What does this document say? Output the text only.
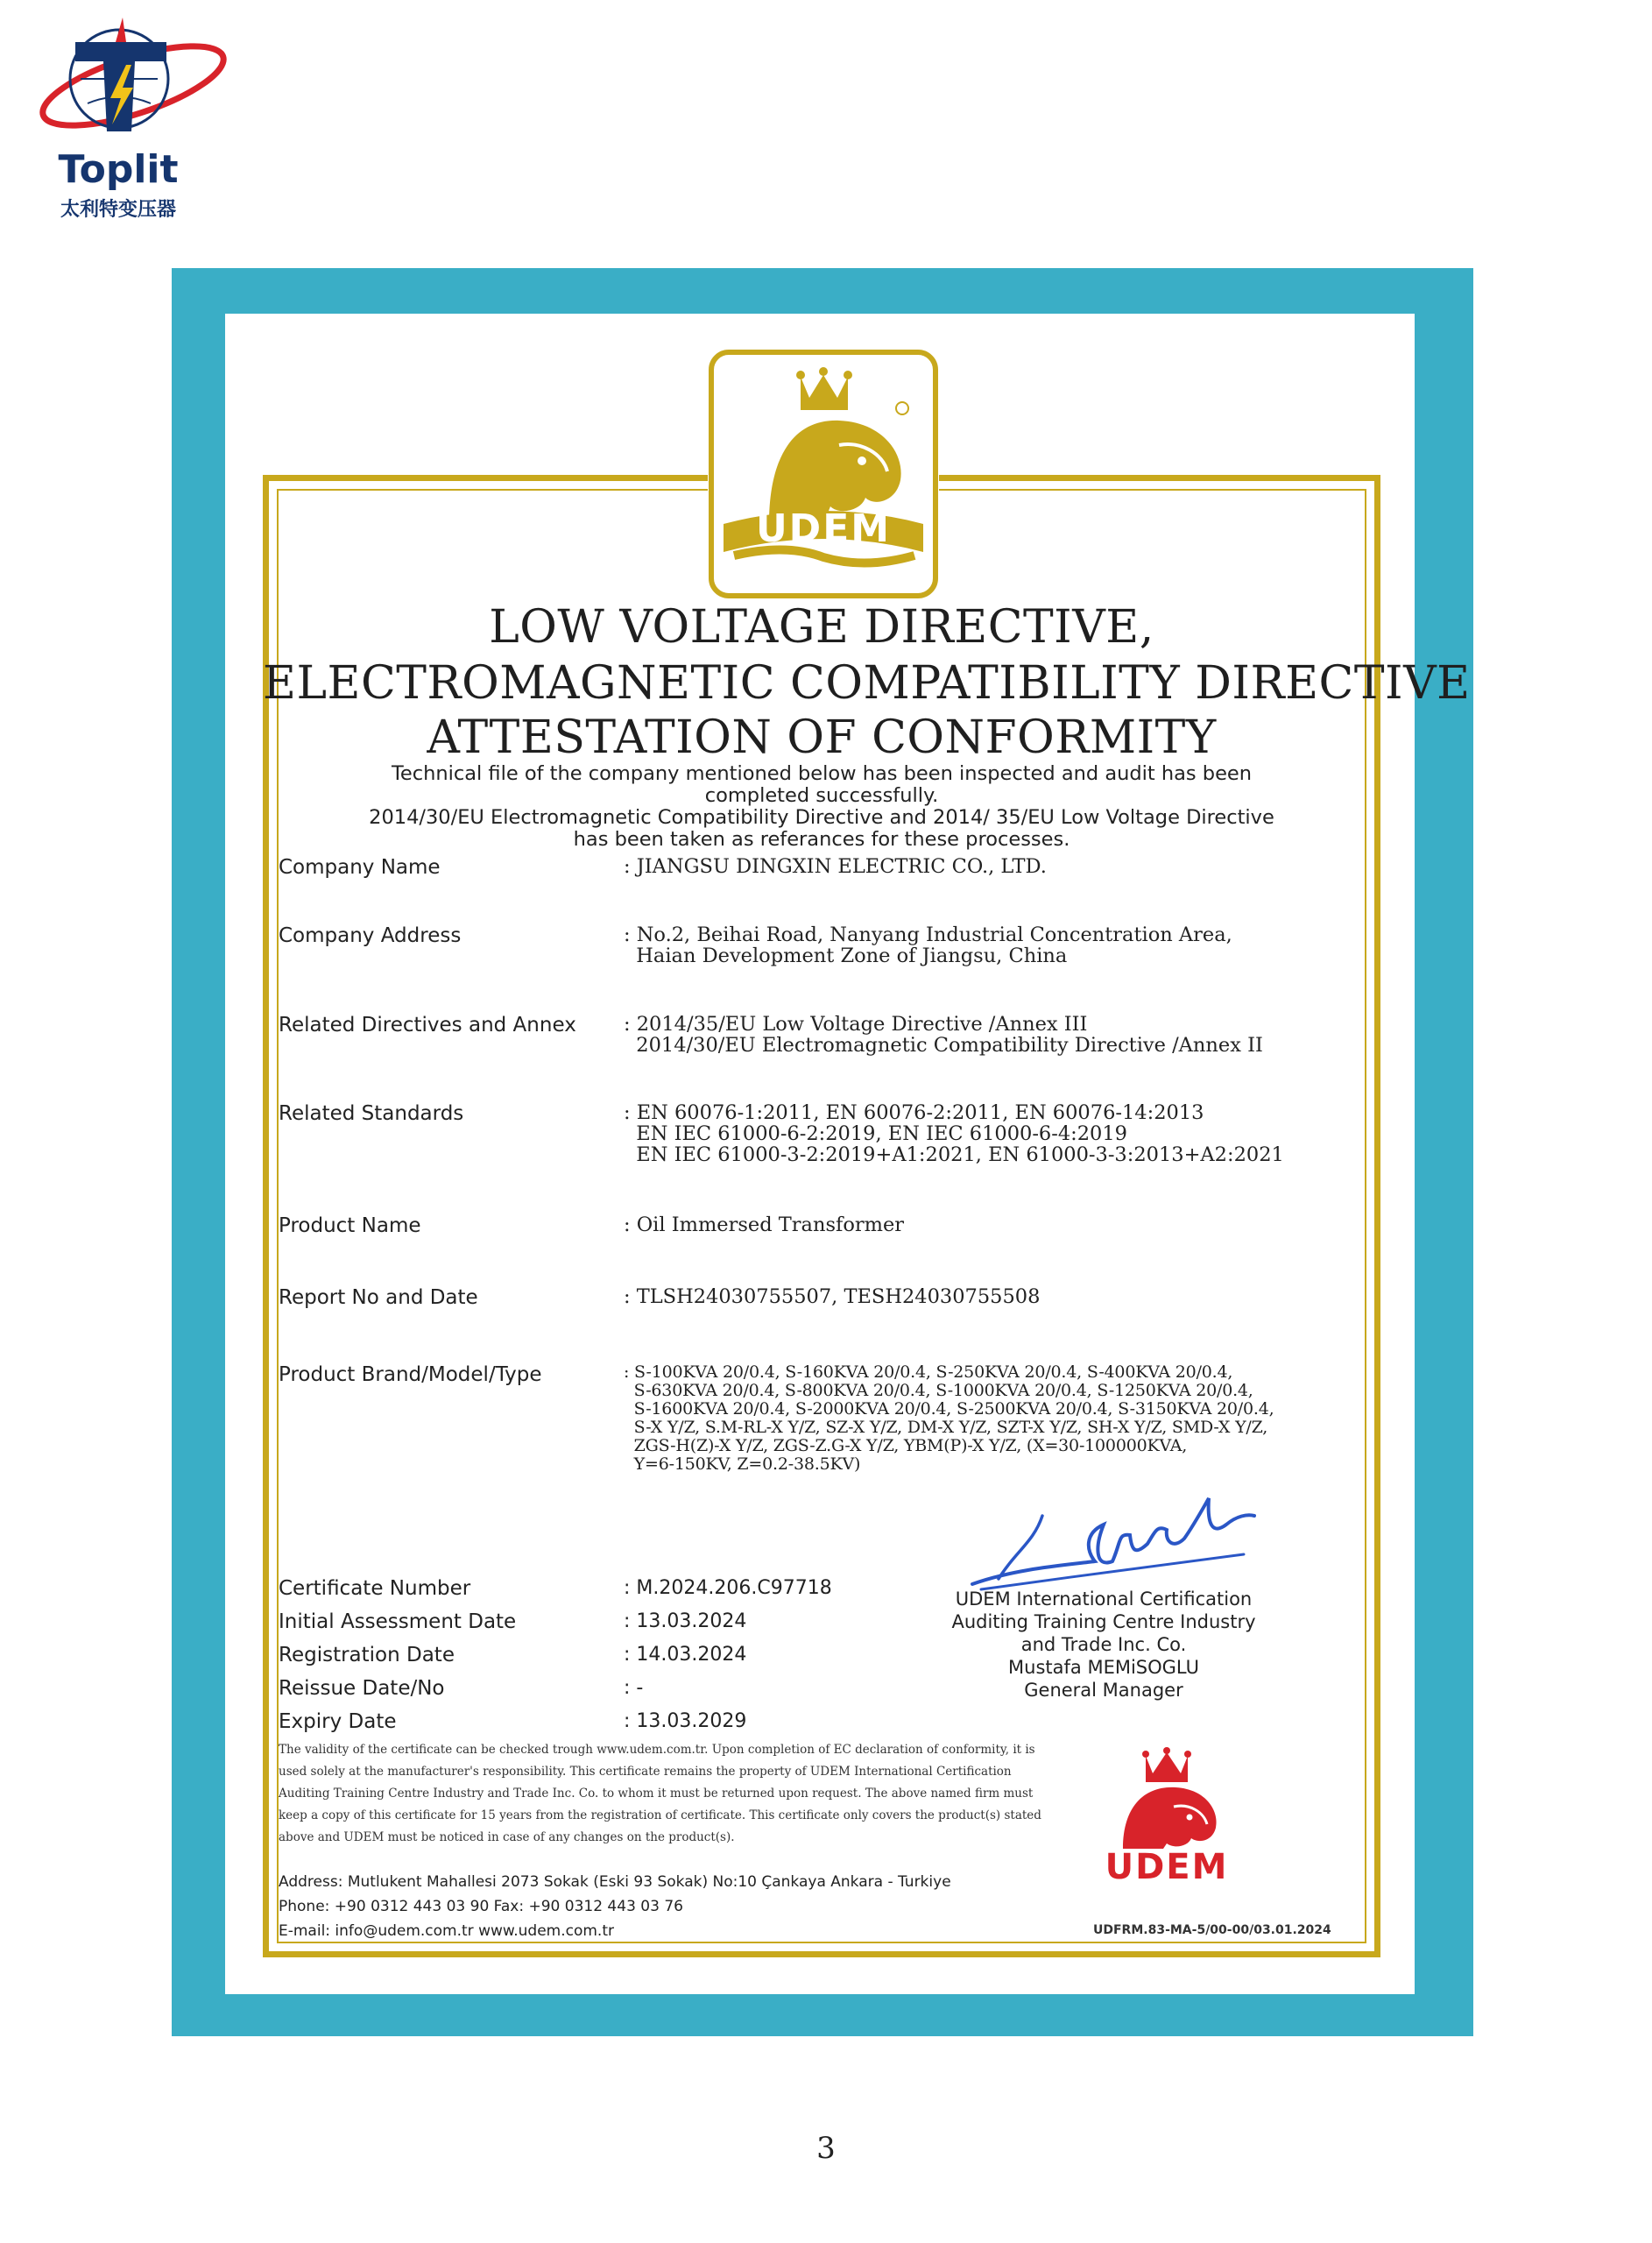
Toplit
太利特变压器
UDEM
LOW VOLTAGE DIRECTIVE,
ELECTROMAGNETIC COMPATIBILITY DIRECTIVE
ATTESTATION OF CONFORMITY
Technical file of the company mentioned below has been inspected and audit has been
completed successfully.
2014/30/EU Electromagnetic Compatibility Directive and 2014/ 35/EU Low Voltage Directive
has been taken as referances for these processes.
Company Name	: JIANGSU DINGXIN ELECTRIC CO., LTD.
Company Address	: No.2, Beihai Road, Nanyang Industrial Concentration Area,
Haian Development Zone of Jiangsu, China
Related Directives and Annex : 2014/35/EU Low Voltage Directive /Annex III
2014/30/EU Electromagnetic Compatibility Directive /Annex II
Related Standards	: EN 60076-1:2011, EN 60076-2:2011, EN 60076-14:2013
EN IEC 61000-6-2:2019, EN IEC 61000-6-4:2019
EN IEC 61000-3-2:2019+A1:2021, EN 61000-3-3:2013+A2:2021
Product Name	: Oil Immersed Transformer
Report No and Date	: TLSH24030755507, TESH24030755508
Product Brand/Model/Type	: S-100KVA 20/0.4, S-160KVA 20/0.4, S-250KVA 20/0.4, S-400KVA 20/0.4,
S-630KVA 20/0.4, S-800KVA 20/0.4, S-1000KVA 20/0.4, S-1250KVA 20/0.4,
S-1600KVA 20/0.4, S-2000KVA 20/0.4, S-2500KVA 20/0.4, S-3150KVA 20/0.4,
S-X Y/Z, S.M-RL-X Y/Z, SZ-X Y/Z, DM-X Y/Z, SZT-X Y/Z, SH-X Y/Z, SMD-X Y/Z,
ZGS-H(Z)-X Y/Z, ZGS-Z.G-X Y/Z, YBM(P)-X Y/Z, (X=30-100000KVA,
Y=6-150KV, Z=0.2-38.5KV)
Certificate Number	: M.2024.206.C97718
Initial Assessment Date	: 13.03.2024
Registration Date	: 14.03.2024
Reissue Date/No	: -
Expiry Date	: 13.03.2029
UDEM International Certification
Auditing Training Centre Industry
and Trade Inc. Co.
Mustafa MEMiSOGLU
General Manager
The validity of the certificate can be checked trough www.udem.com.tr. Upon completion of EC declaration of conformity, it is used solely at the manufacturer's responsibility. This certificate remains the property of UDEM International Certification Auditing Training Centre Industry and Trade Inc. Co. to whom it must be returned upon request. The above named firm must keep a copy of this certificate for 15 years from the registration of certificate. This certificate only covers the product(s) stated above and UDEM must be noticed in case of any changes on the product(s).
Address: Mutlukent Mahallesi 2073 Sokak (Eski 93 Sokak) No:10 Çankaya Ankara - Turkiye
Phone: +90 0312 443 03 90 Fax: +90 0312 443 03 76
E-mail: info@udem.com.tr www.udem.com.tr
UDEM
UDFRM.83-MA-5/00-00/03.01.2024
3
